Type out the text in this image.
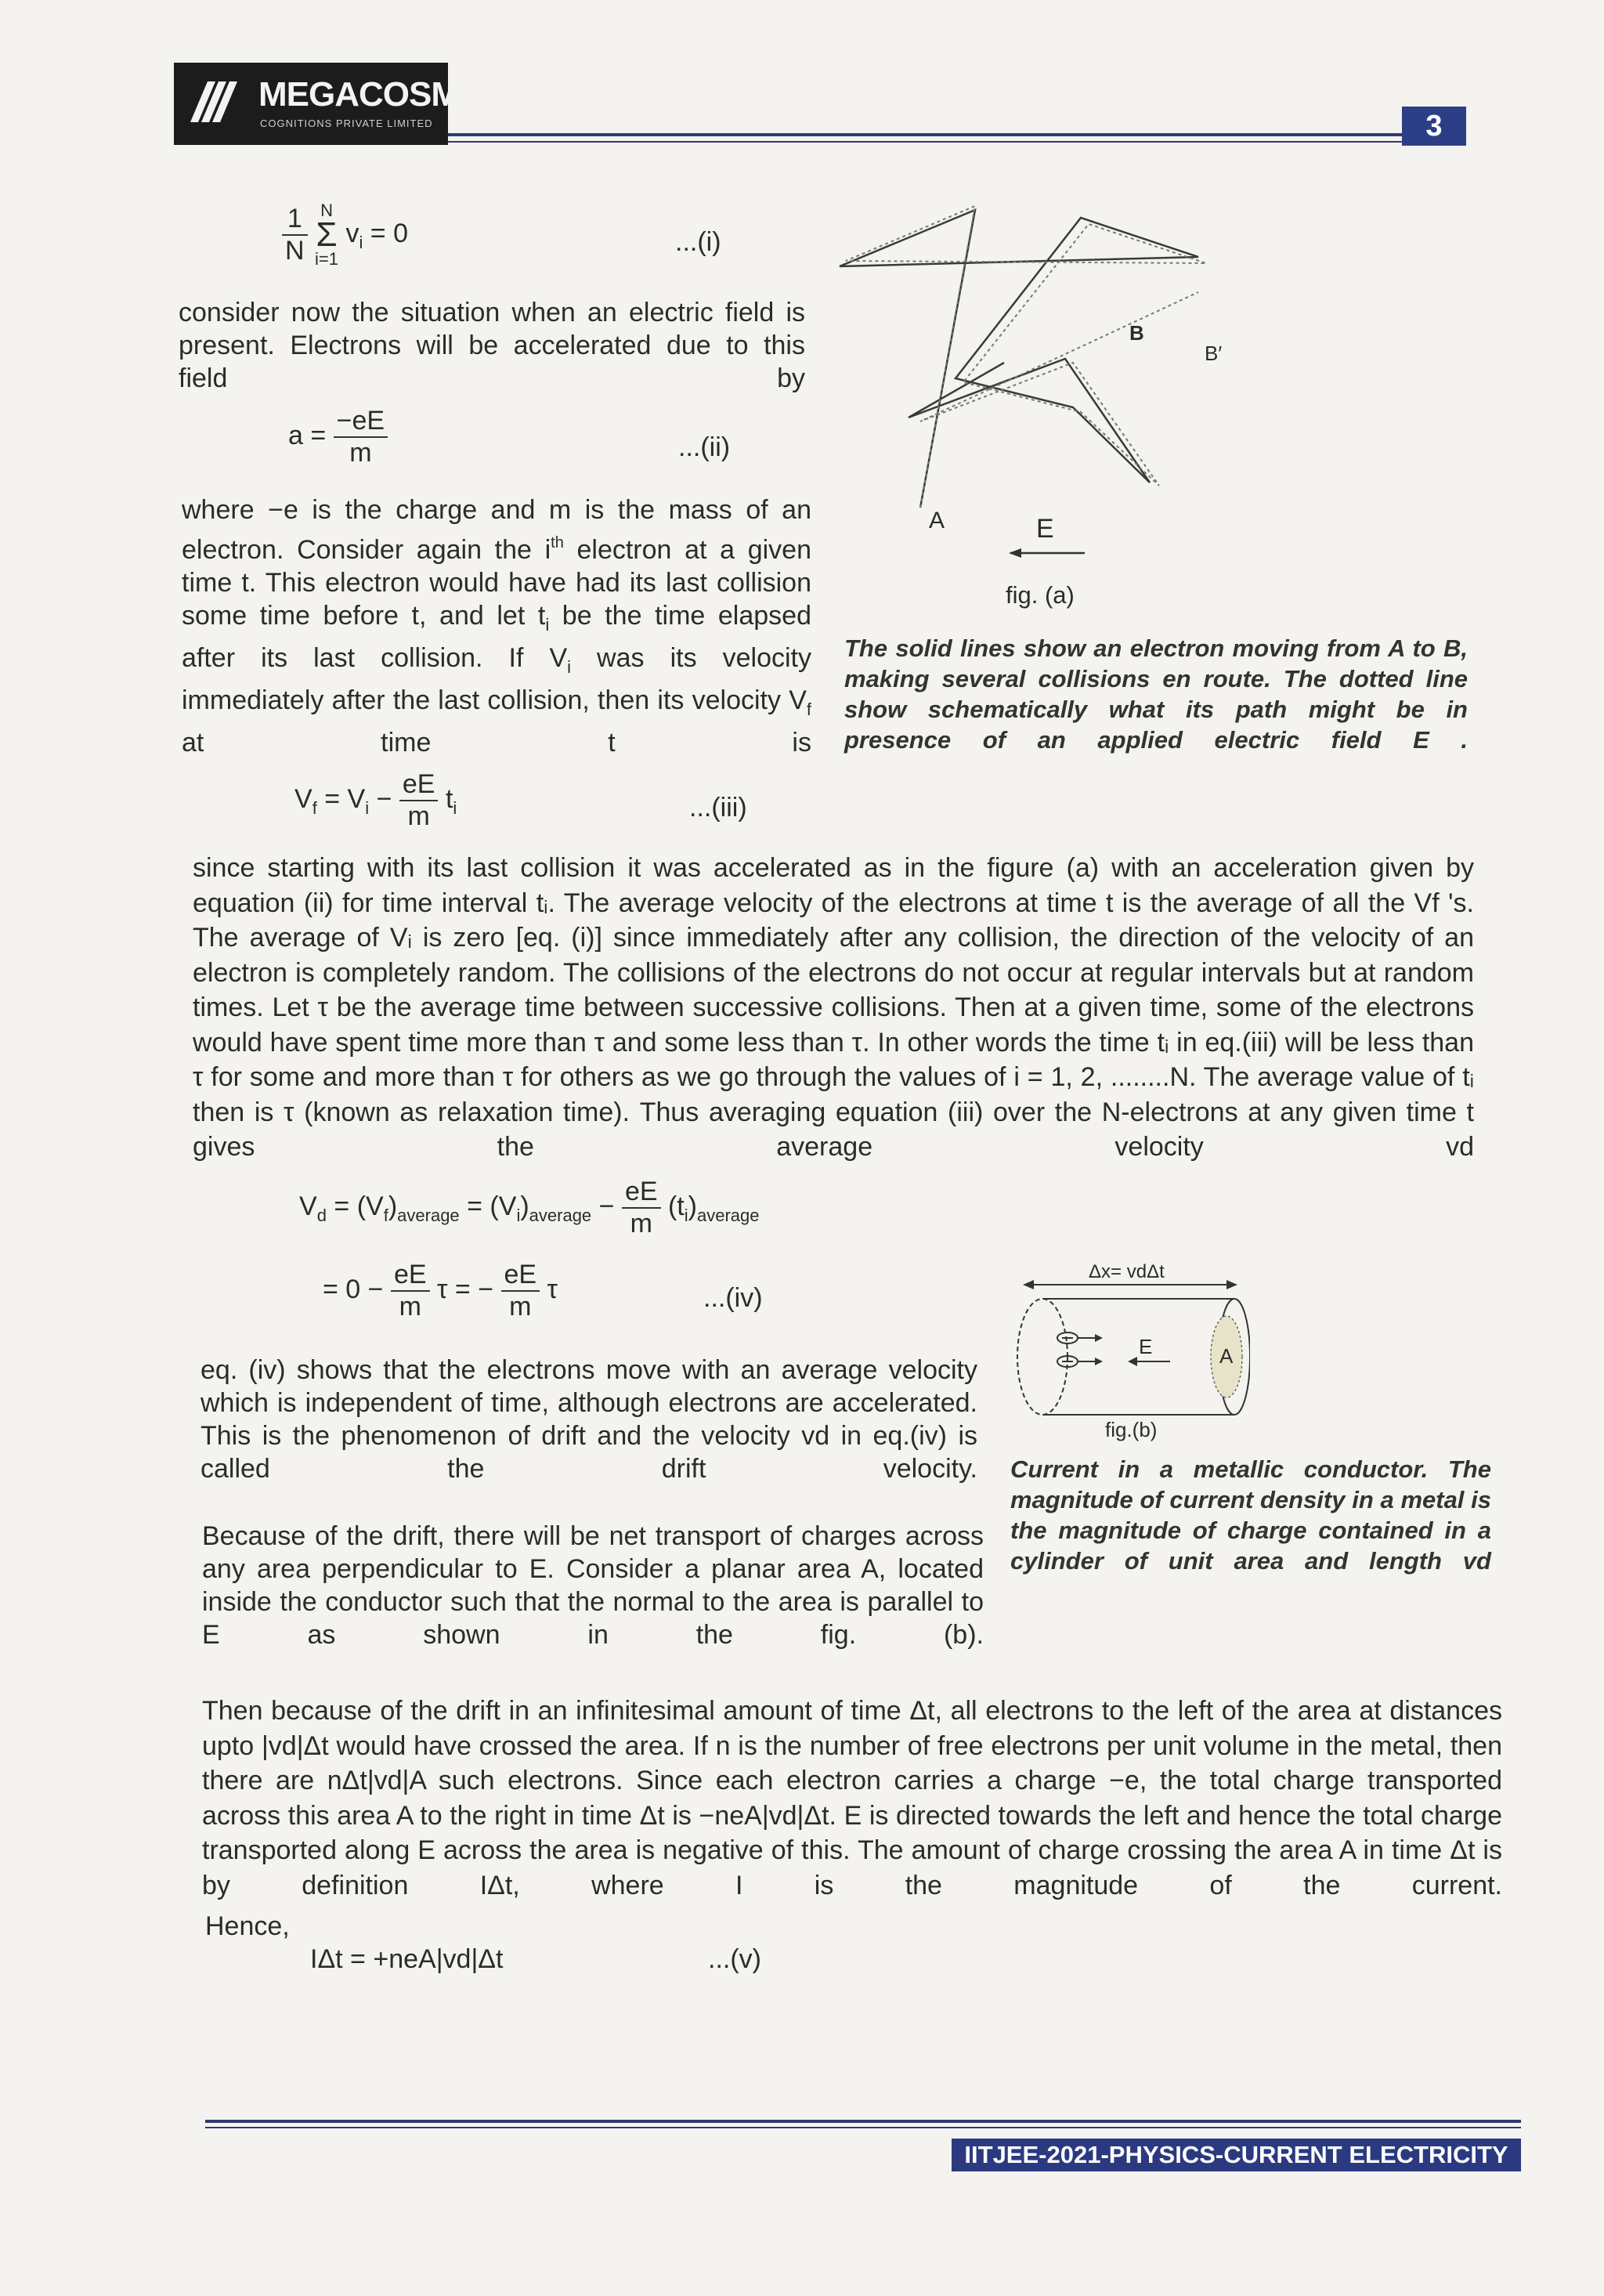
MEGACOSM
COGNITIONS PRIVATE LIMITED	3
$\frac{1}{N}$
N
Σ
i=1
$v_i = 0$	...(i)
consider now the situation when an electric field is present. Electrons will be accelerated due to this field by
$a = \frac{-eE}{m}$	...(ii)
where −e is the charge and m is the mass of an electron. Consider again the $i^{th}$ electron at a given time t. This electron would have had its last collision some time before t, and let $t_i$ be the time elapsed after its last collision. If $V_i$ was its velocity immediately after the last collision, then its velocity $V_f$ at time t is
A	E
B
B′
fig. (a)
The solid lines show an electron moving from A to B, making several collisions en route. The dotted line show schematically what its path might be in presence of an applied electric field E .
$V_f = V_i - \frac{eE}{m} t_i$	...(iii)
since starting with its last collision it was accelerated as in the figure (a) with an acceleration given by equation (ii) for time interval tᵢ. The average velocity of the electrons at time t is the average of all the Vf 's. The average of Vᵢ is zero [eq. (i)] since immediately after any collision, the direction of the velocity of an electron is completely random. The collisions of the electrons do not occur at regular intervals but at random times. Let τ be the average time between successive collisions. Then at a given time, some of the electrons would have spent time more than τ and some less than τ. In other words the time tᵢ in eq.(iii) will be less than τ for some and more than τ for others as we go through the values of i = 1, 2, ........N. The average value of tᵢ then is τ (known as relaxation time). Thus averaging equation (iii) over the N-electrons at any given time t gives the average velocity vd
$V_d = (V_f)_{average} = (V_i)_{average} - \frac{eE}{m} (t_i)_{average}$
= $0 - \frac{eE}{m}$ τ = − $\frac{eE}{m}$ τ	...(iv)
eq. (iv) shows that the electrons move with an average velocity which is independent of time, although electrons are accelerated. This is the phenomenon of drift and the velocity vd in eq.(iv) is called the drift velocity.
Because of the drift, there will be net transport of charges across any area perpendicular to E. Consider a planar area A, located inside the conductor such that the normal to the area is parallel to E as shown in the fig. (b).
Δx= vdΔt
E	A
fig.(b)
Current in a metallic conductor. The magnitude of current density in a metal is the magnitude of charge contained in a cylinder of unit area and length vd
Then because of the drift in an infinitesimal amount of time Δt, all electrons to the left of the area at distances upto |vd|Δt would have crossed the area. If n is the number of free electrons per unit volume in the metal, then there are nΔt|vd|A such electrons. Since each electron carries a charge −e, the total charge transported across this area A to the right in time Δt is −neA|vd|Δt. E is directed towards the left and hence the total charge transported along E across the area is negative of this. The amount of charge crossing the area A in time Δt is by definition IΔt, where I is the magnitude of the current.
Hence,
IΔt = +neA|vd|Δt	...(v)
IITJEE-2021-PHYSICS-CURRENT ELECTRICITY
